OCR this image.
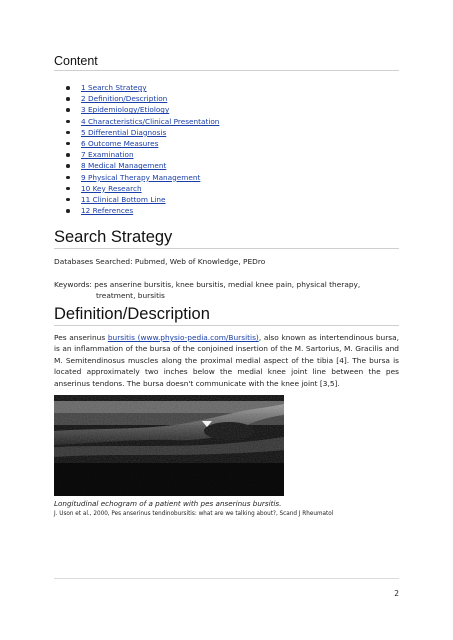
Content
1 Search Strategy
2 Definition/Description
3 Epidemiology/Etiology
4 Characteristics/Clinical Presentation
5 Differential Diagnosis
6 Outcome Measures
7 Examination
8 Medical Management
9 Physical Therapy Management
10 Key Research
11 Clinical Bottom Line
12 References
Search Strategy
Databases Searched: Pubmed, Web of Knowledge, PEDro
Keywords: pes anserine bursitis, knee bursitis, medial knee pain, physical therapy, treatment, bursitis
Definition/Description
Pes anserinus bursitis (www.physio-pedia.com/Bursitis), also known as intertendinous bursa, is an inflammation of the bursa of the conjoined insertion of the M. Sartorius, M. Gracilis and M. Semitendinosus muscles along the proximal medial aspect of the tibia [4]. The bursa is located approximately two inches below the medial knee joint line between the pes anserinus tendons. The bursa doesn't communicate with the knee joint [3,5].
Longitudinal echogram of a patient with pes anserinus bursitis.
J. Uson et al., 2000, Pes anserinus tendinobursitis: what are we talking about?, Scand J Rheumatol
2
